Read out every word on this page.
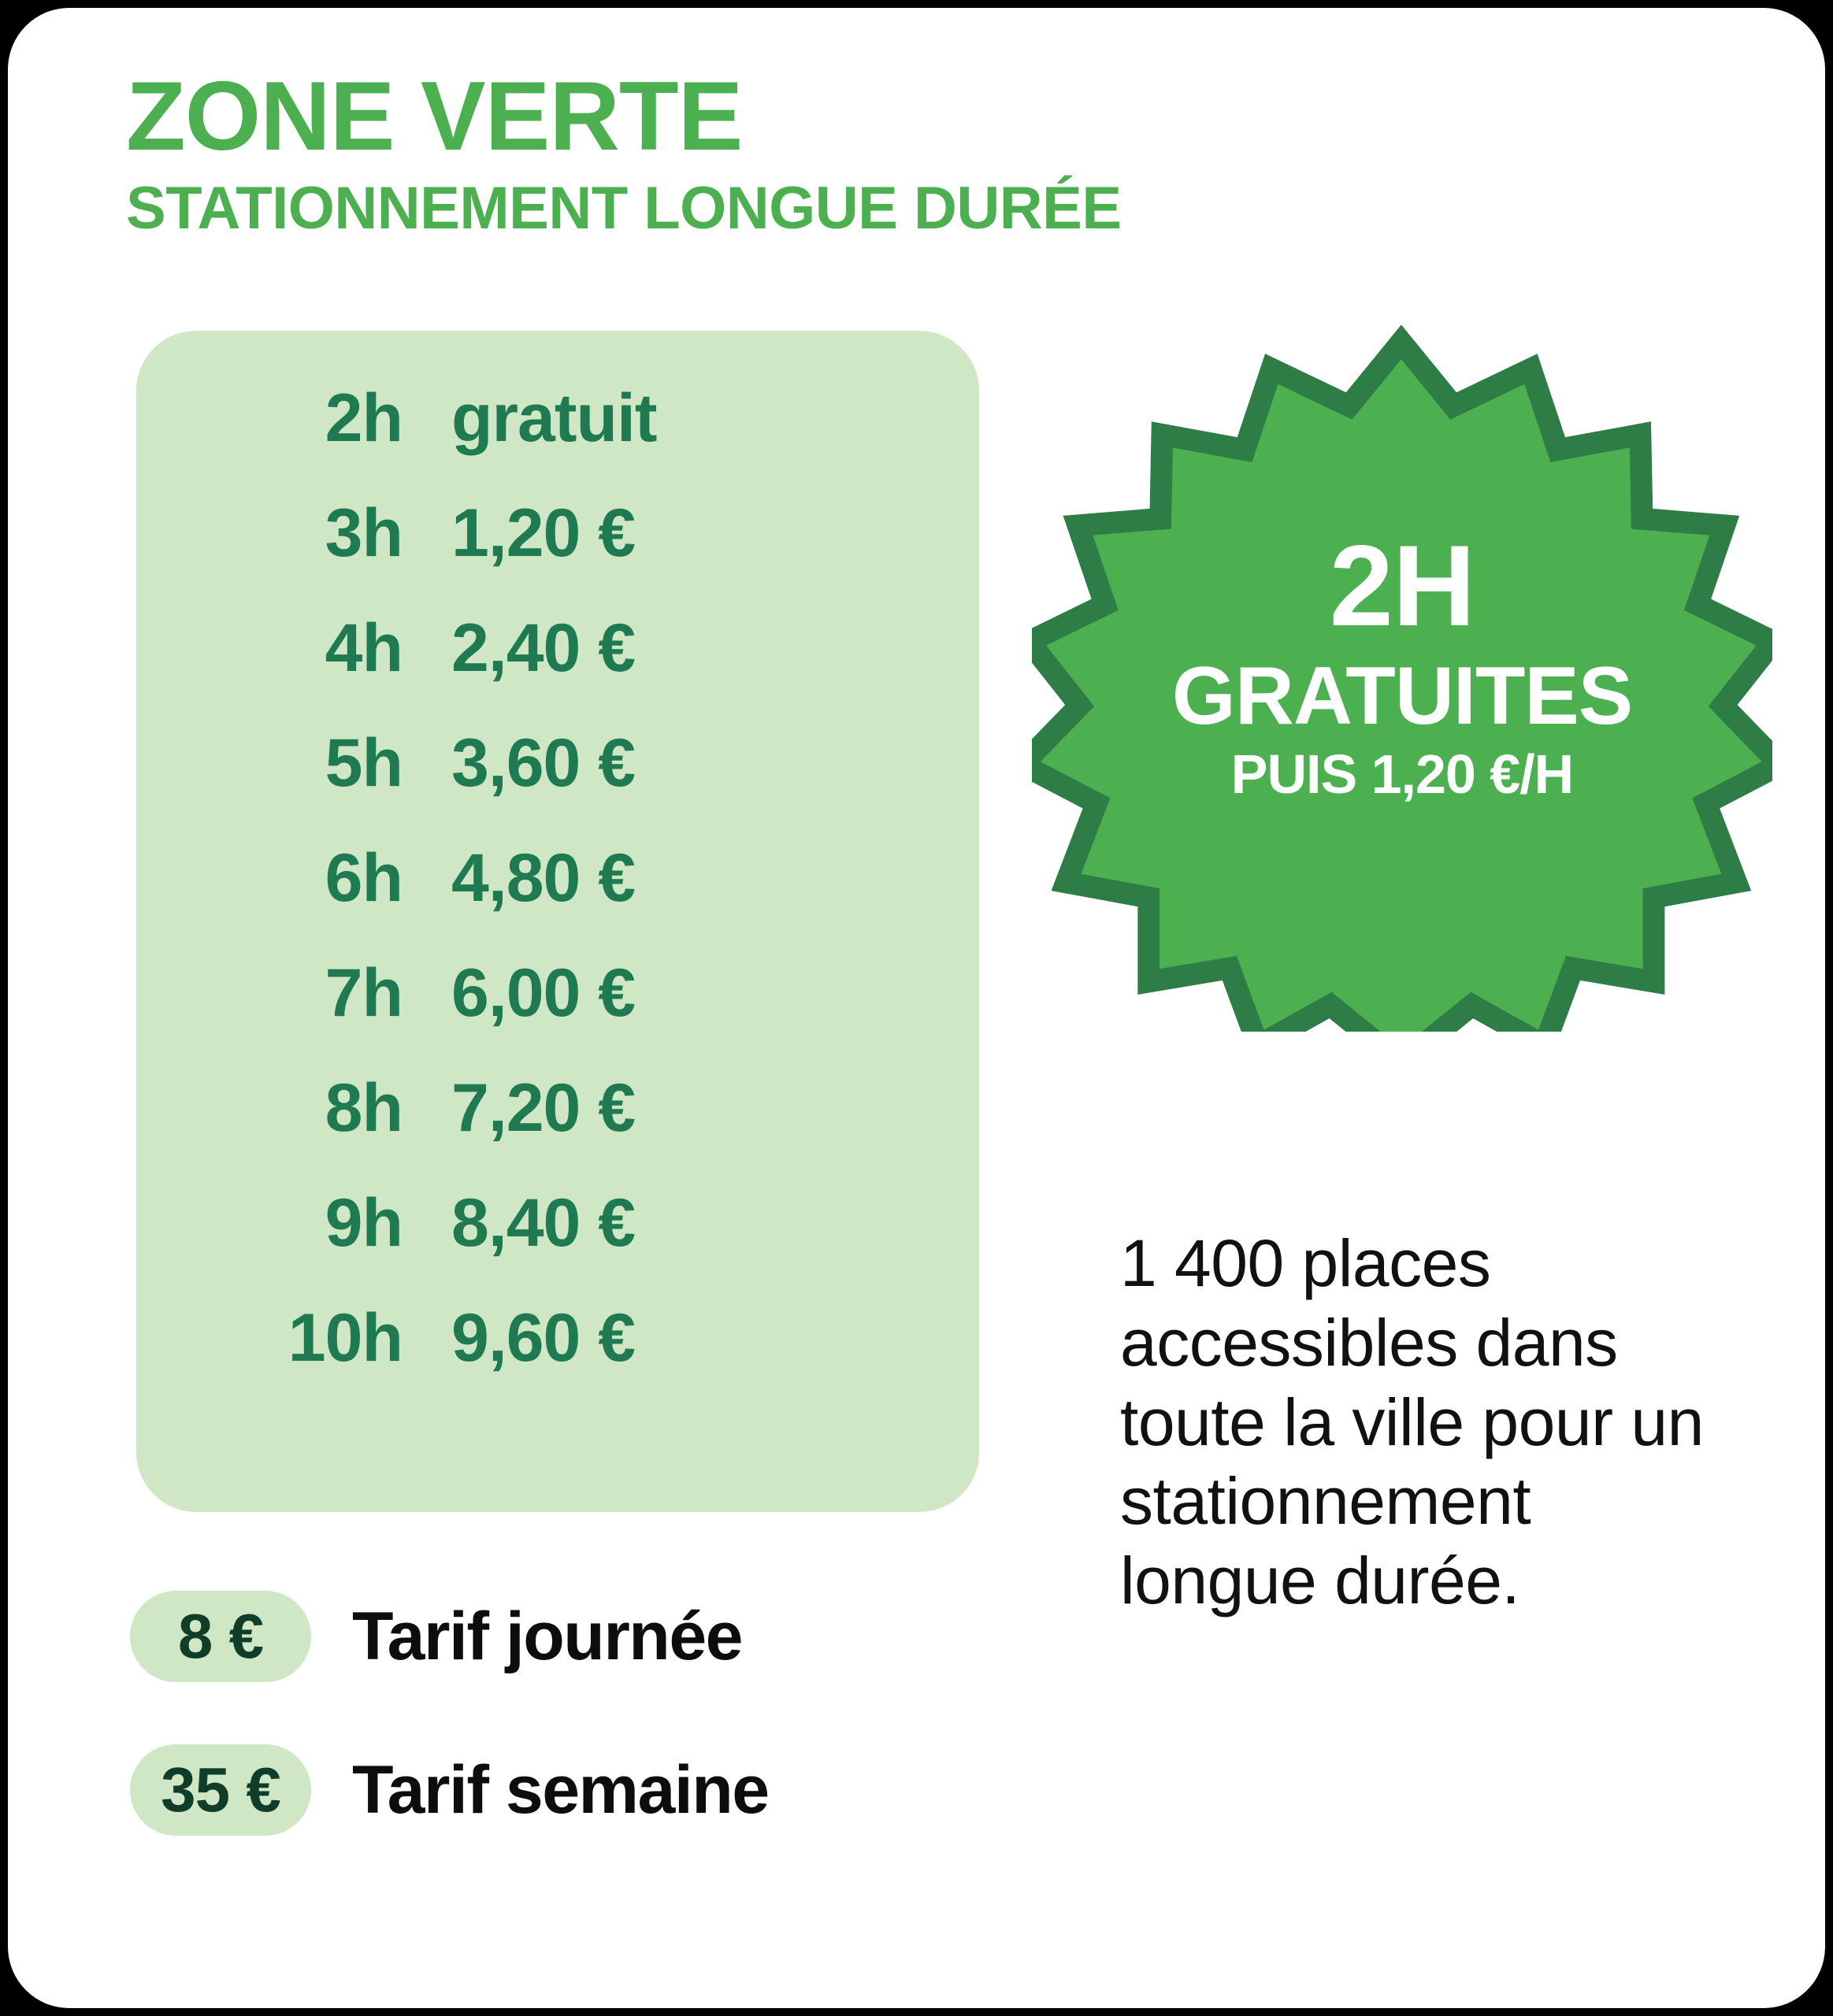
ZONE VERTE
STATIONNEMENT LONGUE DURÉE
2h gratuit
3h 1,20 €
4h 2,40 €
5h 3,60 €
6h 4,80 €
7h 6,00 €
8h 7,20 €
9h 8,40 €
10h 9,60 €
2H
GRATUITES
PUIS 1,20 €/H

1 400 places accessibles dans toute la ville pour un stationnement longue durée.

8 €	Tarif journée
35 €	Tarif semaine
